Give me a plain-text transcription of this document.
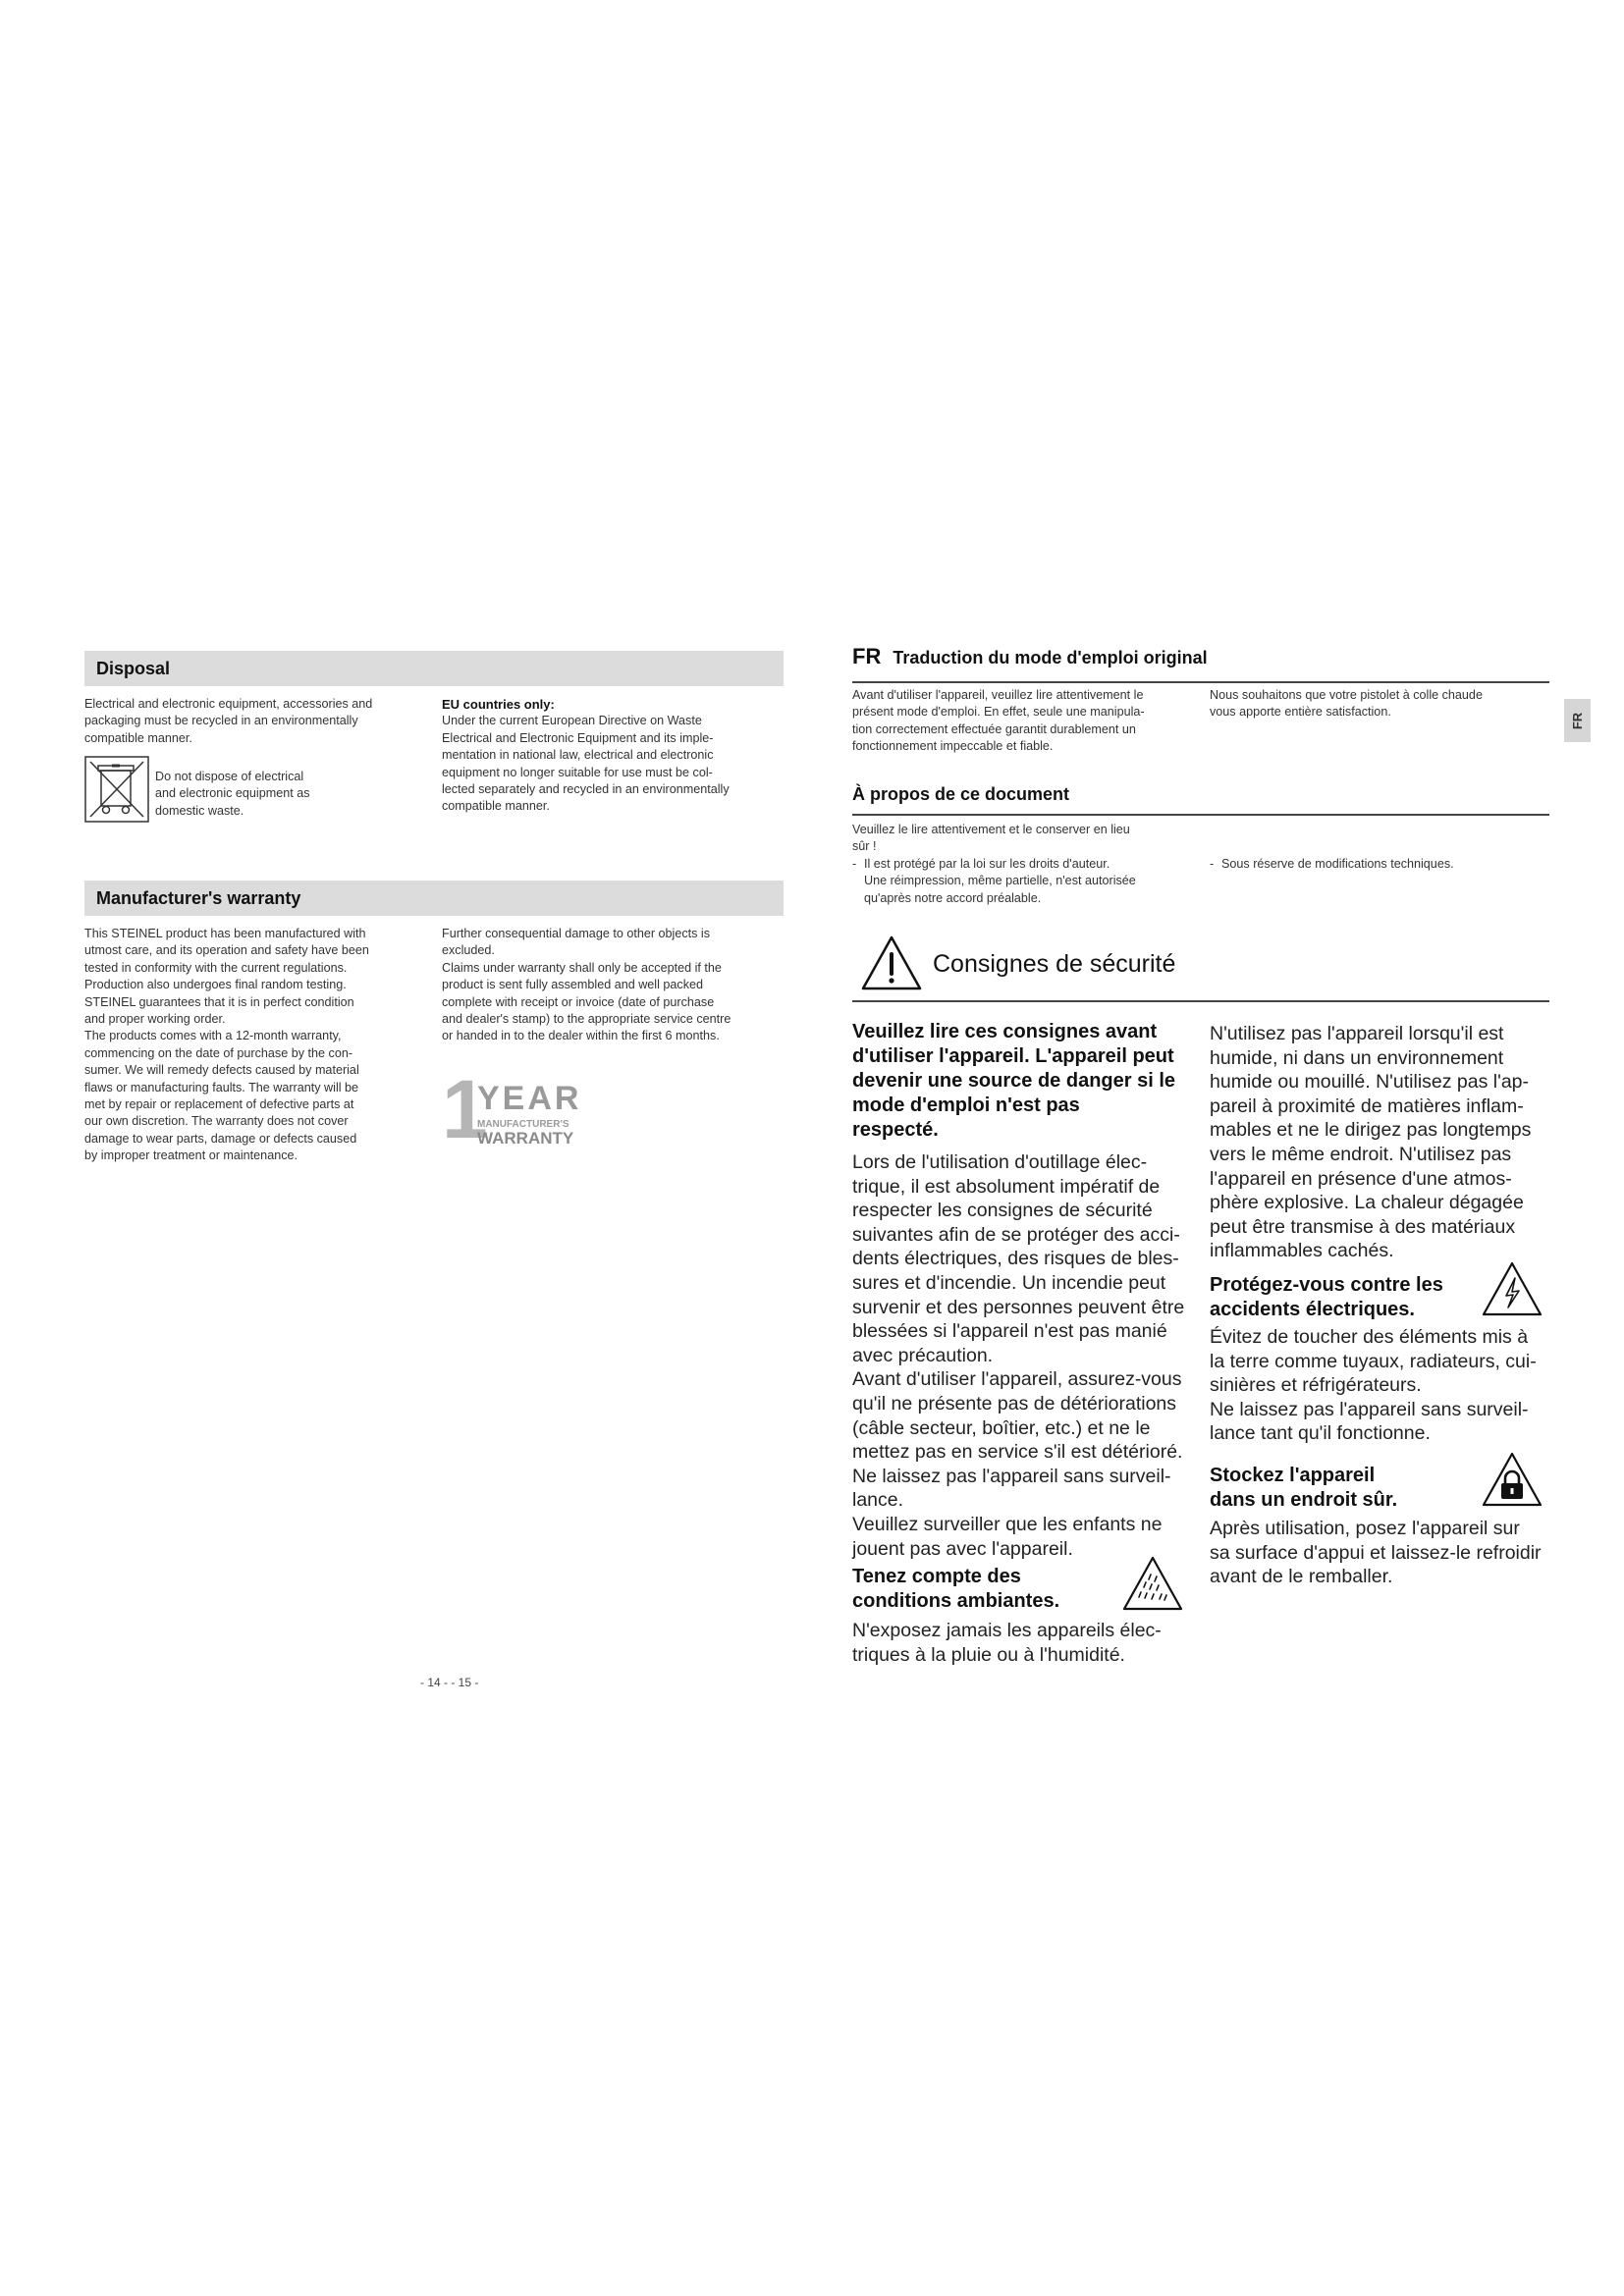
Disposal

Electrical and electronic equipment, accessories and

packaging must be recycled in an environmentally

compatible manner.

Do not dispose of electrical

and electronic equipment as

domestic waste.

EU countries only:

Under the current European Directive on Waste

Electrical and Electronic Equipment and its imple-

mentation in national law, electrical and electronic

equipment no longer suitable for use must be col-

lected separately and recycled in an environmentally

compatible manner.

Manufacturer's warranty

This STEINEL product has been manufactured with

utmost care, and its operation and safety have been

tested in conformity with the current regulations.

Production also undergoes final random testing.

STEINEL guarantees that it is in perfect condition

and proper working order.

The products comes with a 12-month warranty,

commencing on the date of purchase by the con-

sumer. We will remedy defects caused by material

flaws or manufacturing faults. The warranty will be

met by repair or replacement of defective parts at

our own discretion. The warranty does not cover

damage to wear parts, damage or defects caused

by improper treatment or maintenance.

Further consequential damage to other objects is

excluded.

Claims under warranty shall only be accepted if the

product is sent fully assembled and well packed

complete with receipt or invoice (date of purchase

and dealer's stamp) to the appropriate service centre

or handed in to the dealer within the first 6 months.

1
YEAR
MANUFACTURER'S
WARRANTY
- 14 - - 15 -
FR Traduction du mode d'emploi original
FR

Avant d'utiliser l'appareil, veuillez lire attentivement le

présent mode d'emploi. En effet, seule une manipula-

tion correctement effectuée garantit durablement un

fonctionnement impeccable et fiable.

Nous souhaitons que votre pistolet à colle chaude

vous apporte entière satisfaction.

À propos de ce document

Veuillez le lire attentivement et le conserver en lieu

sûr !

- Il est protégé par la loi sur les droits d'auteur.

Une réimpression, même partielle, n'est autorisée

qu'après notre accord préalable.

- Sous réserve de modifications techniques.

Consignes de sécurité
Veuillez lire ces consignes avant
d'utiliser l'appareil. L'appareil peut
devenir une source de danger si le
mode d'emploi n'est pas
respecté.

Lors de l'utilisation d'outillage élec-

trique, il est absolument impératif de

respecter les consignes de sécurité

suivantes afin de se protéger des acci-

dents électriques, des risques de bles-

sures et d'incendie. Un incendie peut

survenir et des personnes peuvent être

blessées si l'appareil n'est pas manié

avec précaution.

Avant d'utiliser l'appareil, assurez-vous

qu'il ne présente pas de détériorations

(câble secteur, boîtier, etc.) et ne le

mettez pas en service s'il est détérioré.

Ne laissez pas l'appareil sans surveil-

lance.

Veuillez surveiller que les enfants ne

jouent pas avec l'appareil.

Tenez compte des
conditions ambiantes.

N'exposez jamais les appareils élec-

triques à la pluie ou à l'humidité.

N'utilisez pas l'appareil lorsqu'il est

humide, ni dans un environnement

humide ou mouillé. N'utilisez pas l'ap-

pareil à proximité de matières inflam-

mables et ne le dirigez pas longtemps

vers le même endroit. N'utilisez pas

l'appareil en présence d'une atmos-

phère explosive. La chaleur dégagée

peut être transmise à des matériaux

inflammables cachés.

Protégez-vous contre les
accidents électriques.

Évitez de toucher des éléments mis à

la terre comme tuyaux, radiateurs, cui-

sinières et réfrigérateurs.

Ne laissez pas l'appareil sans surveil-

lance tant qu'il fonctionne.

Stockez l'appareil
dans un endroit sûr.

Après utilisation, posez l'appareil sur

sa surface d'appui et laissez-le refroidir

avant de le remballer.
